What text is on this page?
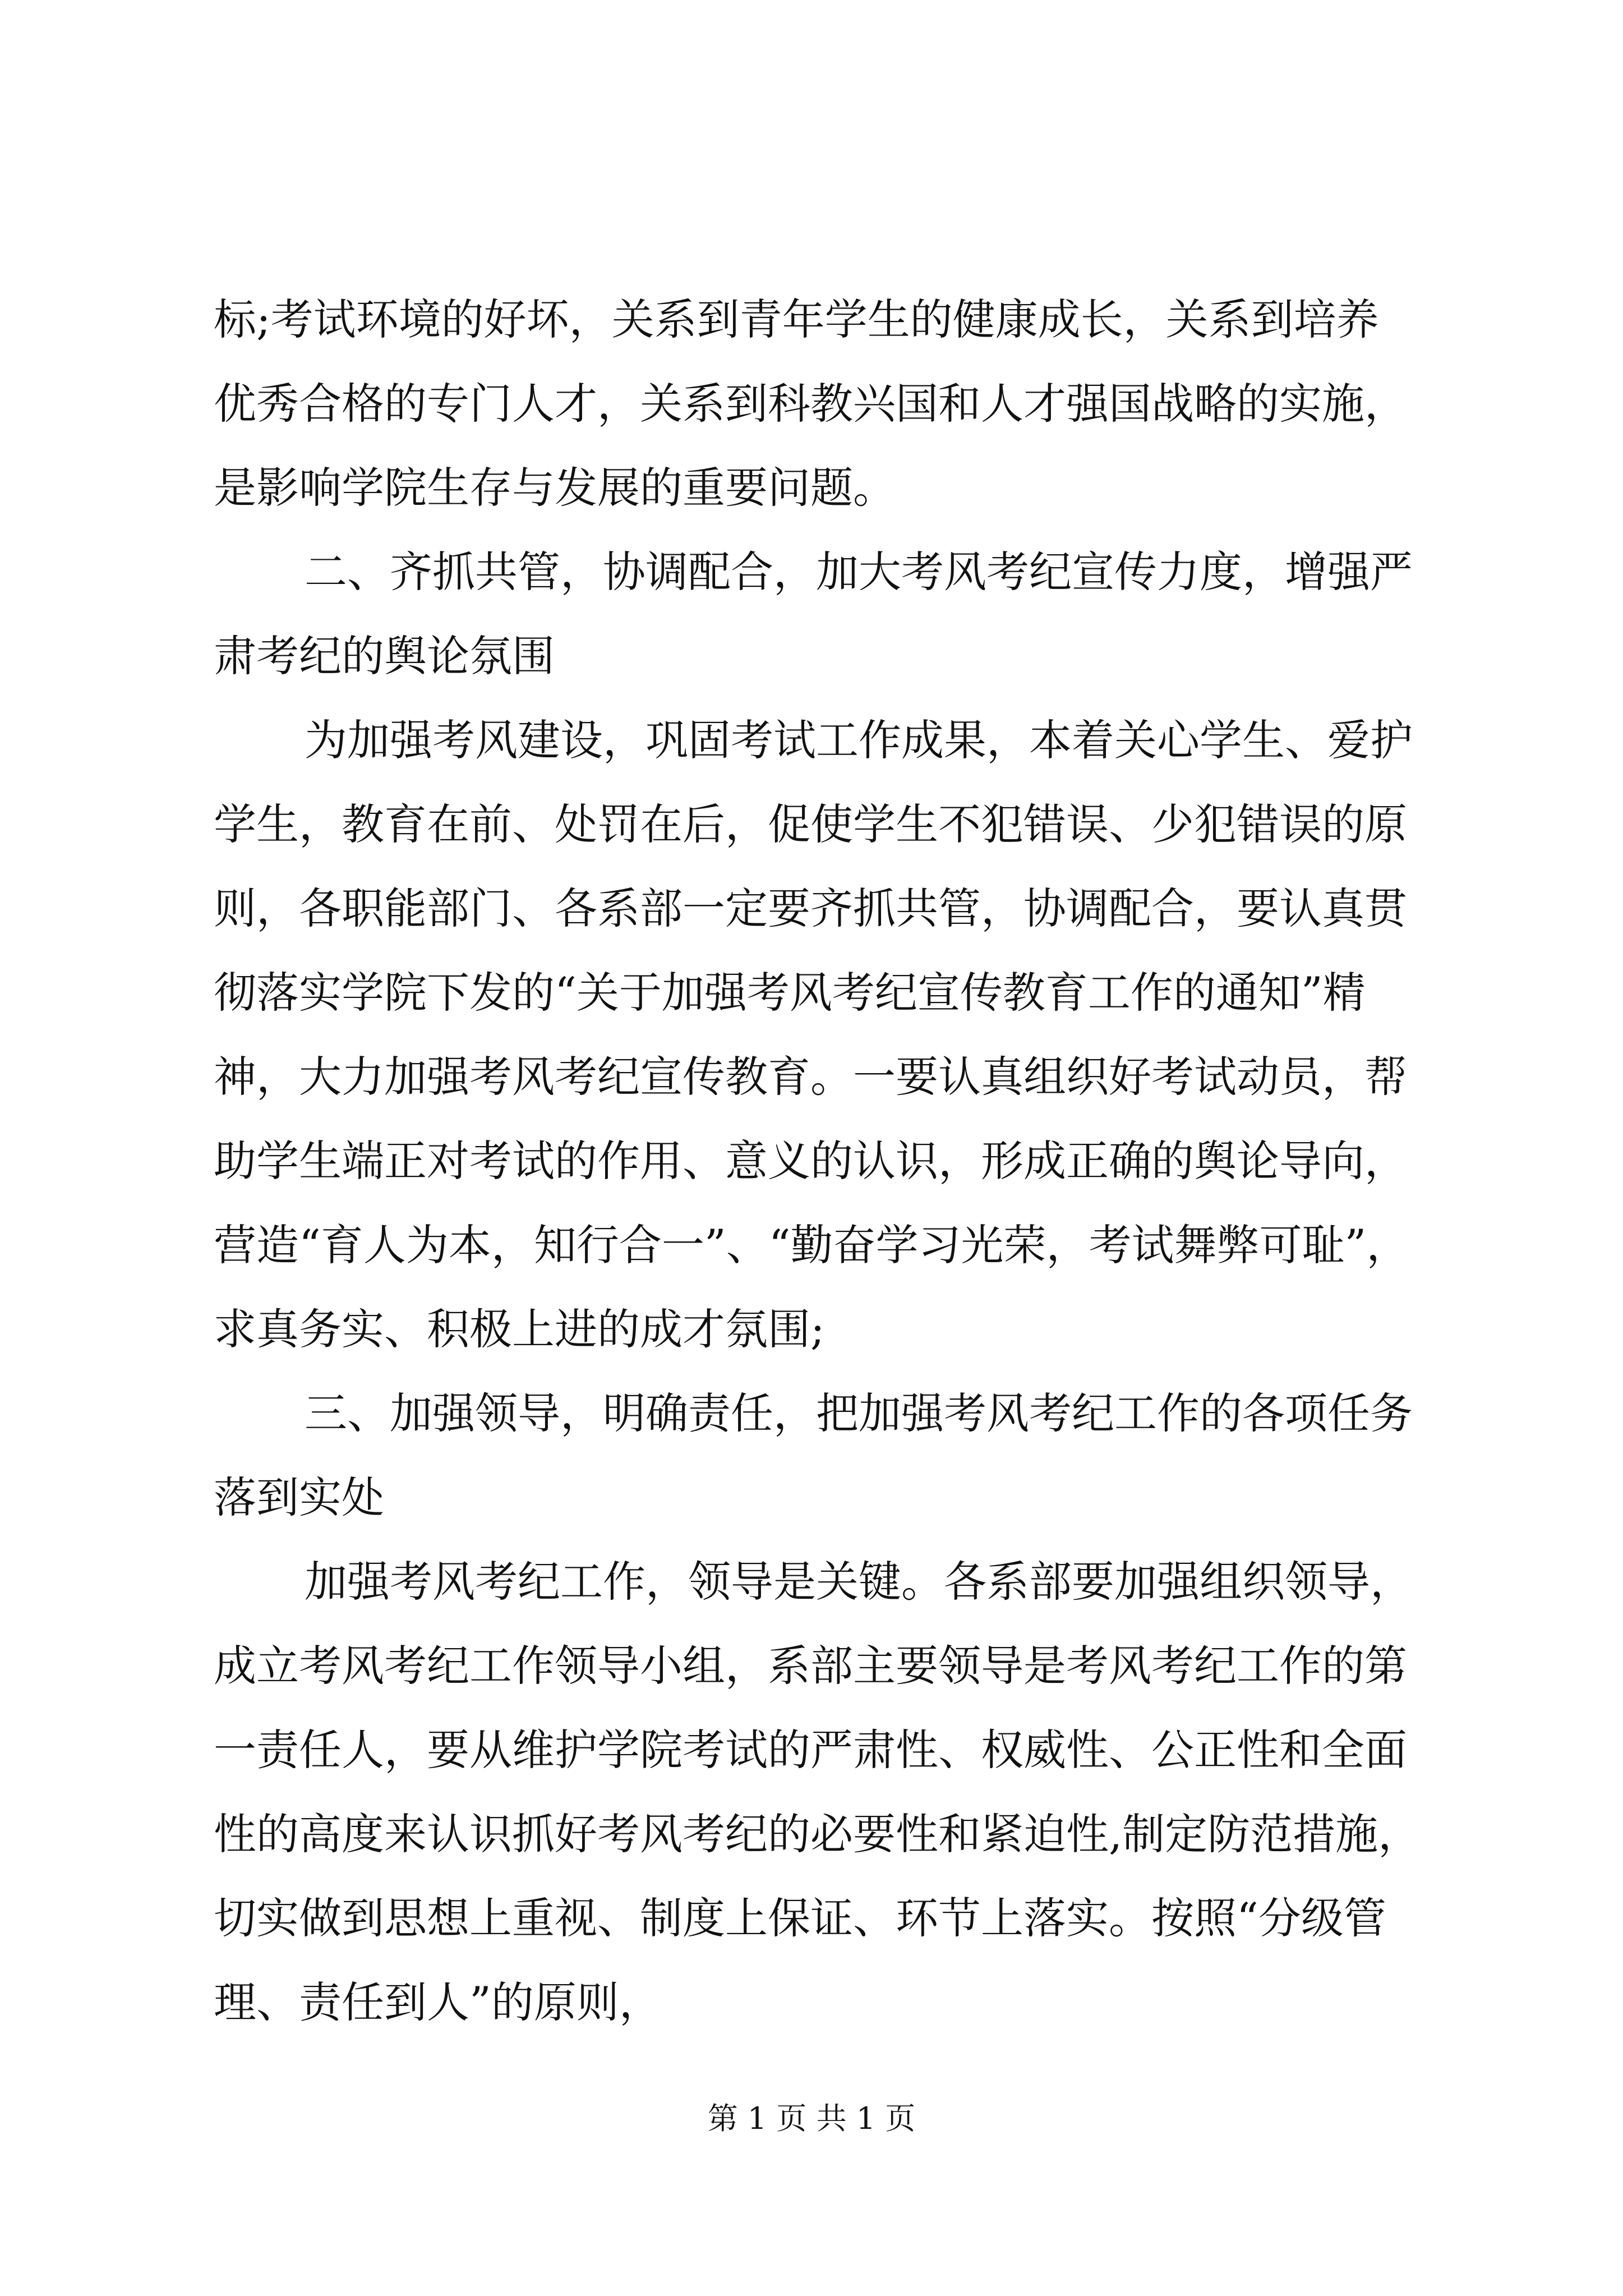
标;考试环境的好坏，关系到青年学生的健康成长，关系到培养
优秀合格的专门人才，关系到科教兴国和人才强国战略的实施，
是影响学院生存与发展的重要问题。
二、齐抓共管，协调配合，加大考风考纪宣传力度，增强严
肃考纪的舆论氛围
为加强考风建设，巩固考试工作成果，本着关心学生、爱护
学生，教育在前、处罚在后，促使学生不犯错误、少犯错误的原
则，各职能部门、各系部一定要齐抓共管，协调配合，要认真贯
彻落实学院下发的“关于加强考风考纪宣传教育工作的通知”精
神，大力加强考风考纪宣传教育。一要认真组织好考试动员，帮
助学生端正对考试的作用、意义的认识，形成正确的舆论导向，
营造“育人为本，知行合一”、“勤奋学习光荣，考试舞弊可耻”，
求真务实、积极上进的成才氛围;
三、加强领导，明确责任，把加强考风考纪工作的各项任务
落到实处
加强考风考纪工作，领导是关键。各系部要加强组织领导，
成立考风考纪工作领导小组，系部主要领导是考风考纪工作的第
一责任人，要从维护学院考试的严肃性、权威性、公正性和全面
性的高度来认识抓好考风考纪的必要性和紧迫性,制定防范措施，
切实做到思想上重视、制度上保证、环节上落实。按照“分级管
理、责任到人”的原则，
第 1 页 共 1 页
